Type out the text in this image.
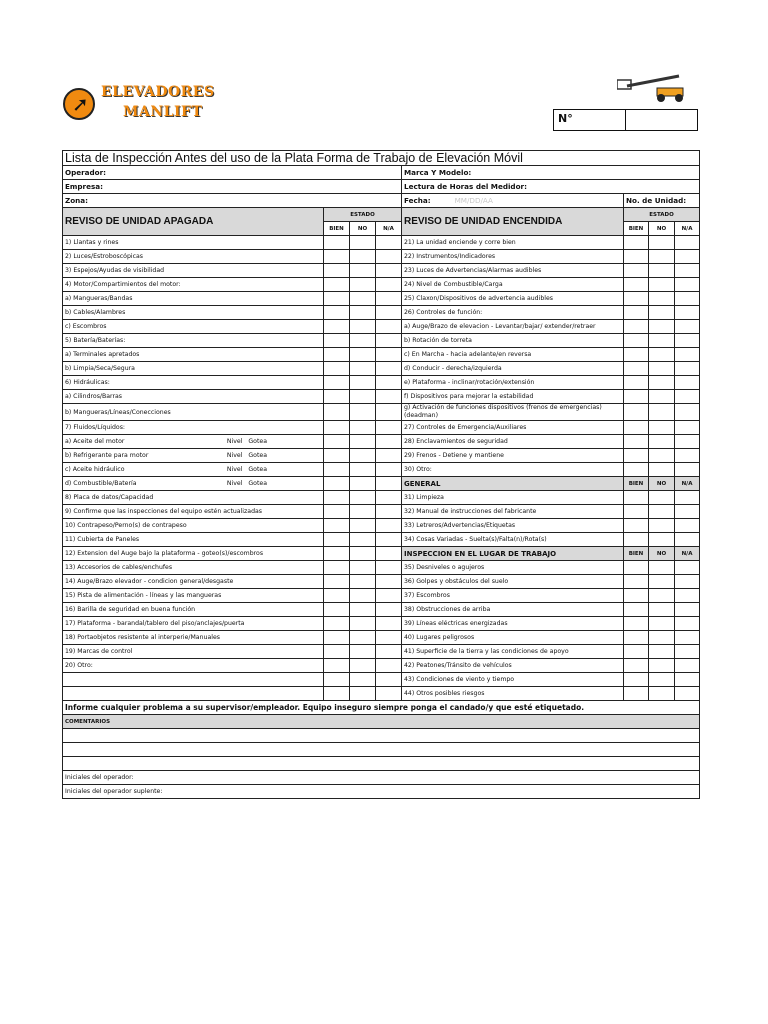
➚ ELEVADORES
MANLIFT	N°
Lista de Inspección Antes del uso de la Plata Forma de Trabajo de Elevación Móvil							
Operador:				Marca Y Modelo:			
Empresa:				Lectura de Horas del Medidor:			
Zona:				Fecha: MM/DD/AA	No. de Unidad:		
REVISO DE UNIDAD APAGADA	ESTADO			REVISO DE UNIDAD ENCENDIDA	ESTADO		
	BIEN	NO	N/A		BIEN	NO	N/A
1) Llantas y rines				21) La unidad enciende y corre bien			
2) Luces/Estroboscópicas				22) Instrumentos/Indicadores			
3) Espejos/Ayudas de visibilidad				23) Luces de Advertencias/Alarmas audibles			
4) Motor/Compartimientos del motor:				24) Nivel de Combustible/Carga			
a) Mangueras/Bandas				25) Claxon/Dispositivos de advertencia audibles			
b) Cables/Alambres				26) Controles de función:			
c) Escombros				a) Auge/Brazo de elevacion - Levantar/bajar/ extender/retraer			
5) Batería/Baterías:				b) Rotación de torreta			
a) Terminales apretados				c) En Marcha - hacia adelante/en reversa			
b) Limpia/Seca/Segura				d) Conducir - derecha/izquierda			
6) Hidráulicas:				e) Plataforma - inclinar/rotación/extensión			
a) Cilindros/Barras				f) Dispositivos para mejorar la estabilidad			
b) Mangueras/Líneas/Conecciones				g) Activación de funciones dispositivos (frenos de emergencias) (deadman)			
7) Fluidos/Líquidos:				27) Controles de Emergencia/Auxiliares			
a) Aceite del motor Nivel Gotea				28) Enclavamientos de seguridad			
b) Refrigerante para motor Nivel Gotea				29) Frenos - Detiene y mantiene			
c) Aceite hidráulico Nivel Gotea				30) Otro:			
d) Combustible/Batería Nivel Gotea				GENERAL	BIEN	NO	N/A
8) Placa de datos/Capacidad				31) Limpieza			
9) Confirme que las inspecciones del equipo estén actualizadas				32) Manual de instrucciones del fabricante			
10) Contrapeso/Perno(s) de contrapeso				33) Letreros/Advertencias/Etiquetas			
11) Cubierta de Paneles				34) Cosas Variadas - Suelta(s)/Falta(n)/Rota(s)			
12) Extension del Auge bajo la plataforma - goteo(s)/escombros				INSPECCION EN EL LUGAR DE TRABAJO	BIEN	NO	N/A
13) Accesorios de cables/enchufes				35) Desniveles o agujeros			
14) Auge/Brazo elevador - condicion general/desgaste				36) Golpes y obstáculos del suelo			
15) Pista de alimentación - líneas y las mangueras				37) Escombros			
16) Barilla de seguridad en buena función				38) Obstrucciones de arriba			
17) Plataforma - barandal/tablero del piso/anclajes/puerta				39) Líneas eléctricas energizadas			
18) Portaobjetos resistente al interperie/Manuales				40) Lugares peligrosos			
19) Marcas de control				41) Superficie de la tierra y las condiciones de apoyo			
20) Otro:				42) Peatones/Tránsito de vehículos			
				43) Condiciones de viento y tiempo			
				44) Otros posibles riesgos			
Informe cualquier problema a su supervisor/empleador. Equipo inseguro siempre ponga el candado/y que esté etiquetado.							
COMENTARIOS							

Iniciales del operador:							
Iniciales del operador suplente:							
